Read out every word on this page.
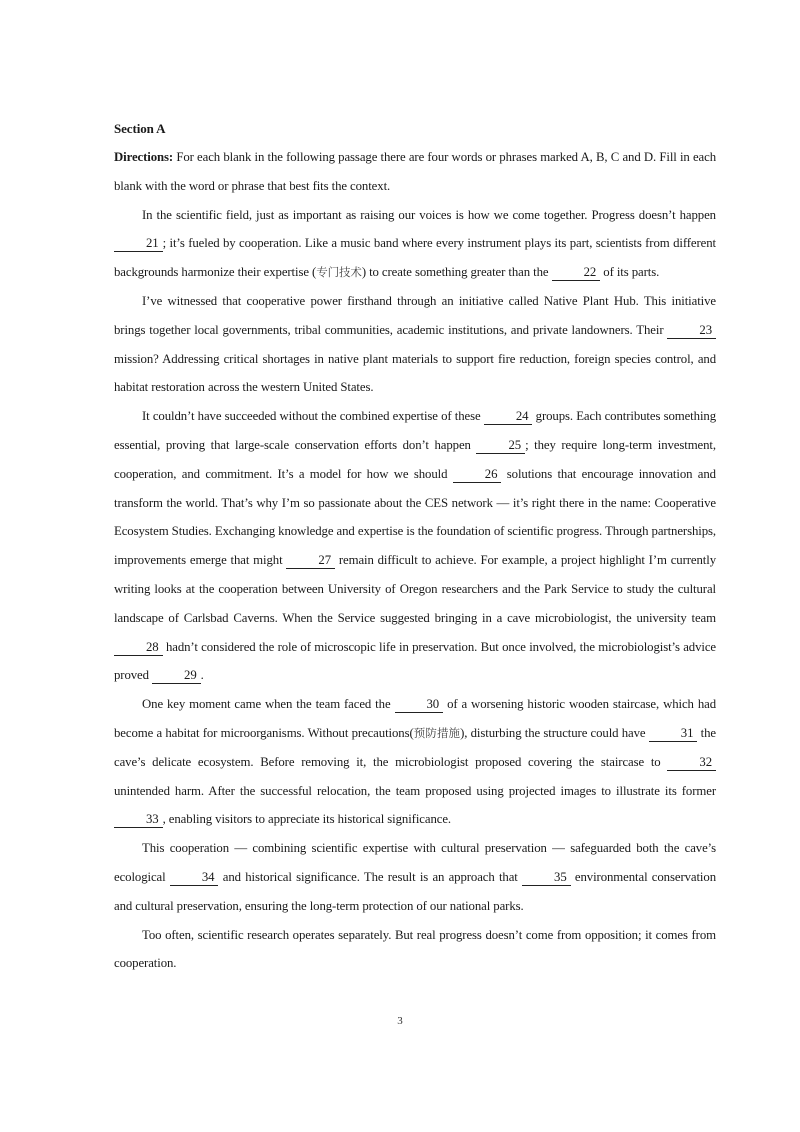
Section A

Directions: For each blank in the following passage there are four words or phrases marked A, B, C and D. Fill in each blank with the word or phrase that best fits the context.

In the scientific field, just as important as raising our voices is how we come together. Progress doesn’t happen 21 ; it’s fueled by cooperation. Like a music band where every instrument plays its part, scientists from different backgrounds harmonize their expertise (专门技术) to create something greater than the	22 of its parts.

I’ve witnessed that cooperative power firsthand through an initiative called Native Plant Hub. This initiative brings together local governments, tribal communities, academic institutions, and private landowners. Their	23 mission? Addressing critical shortages in native plant materials to support fire reduction, foreign species control, and habitat restoration across the western United States.

It couldn’t have succeeded without the combined expertise of these	24 groups. Each contributes something essential, proving that large-scale conservation efforts don’t happen	25 ; they require long-term investment, cooperation, and commitment. It’s a model for how we should	26 solutions that encourage innovation and transform the world. That’s why I’m so passionate about the CES network — it’s right there in the name: Cooperative Ecosystem Studies. Exchanging knowledge and expertise is the foundation of scientific progress. Through partnerships, improvements emerge that might	27 remain difficult to achieve. For example, a project highlight I’m currently writing looks at the cooperation between University of Oregon researchers and the Park Service to study the cultural landscape of Carlsbad Caverns. When the Service suggested bringing in a cave microbiologist, the university team 28 hadn’t considered the role of microscopic life in preservation. But once involved, the microbiologist’s advice proved	29 .

One key moment came when the team faced the	30 of a worsening historic wooden staircase, which had become a habitat for microorganisms. Without precautions(预防措施), disturbing the structure could have	31 the cave’s delicate ecosystem. Before removing it, the microbiologist proposed covering the staircase to	32 unintended harm. After the successful relocation, the team proposed using projected images to illustrate its former 33 , enabling visitors to appreciate its historical significance.

This cooperation — combining scientific expertise with cultural preservation — safeguarded both the cave’s ecological	34 and historical significance. The result is an approach that	35 environmental conservation and cultural preservation, ensuring the long-term protection of our national parks.

Too often, scientific research operates separately. But real progress doesn’t come from opposition; it comes from cooperation.

3
